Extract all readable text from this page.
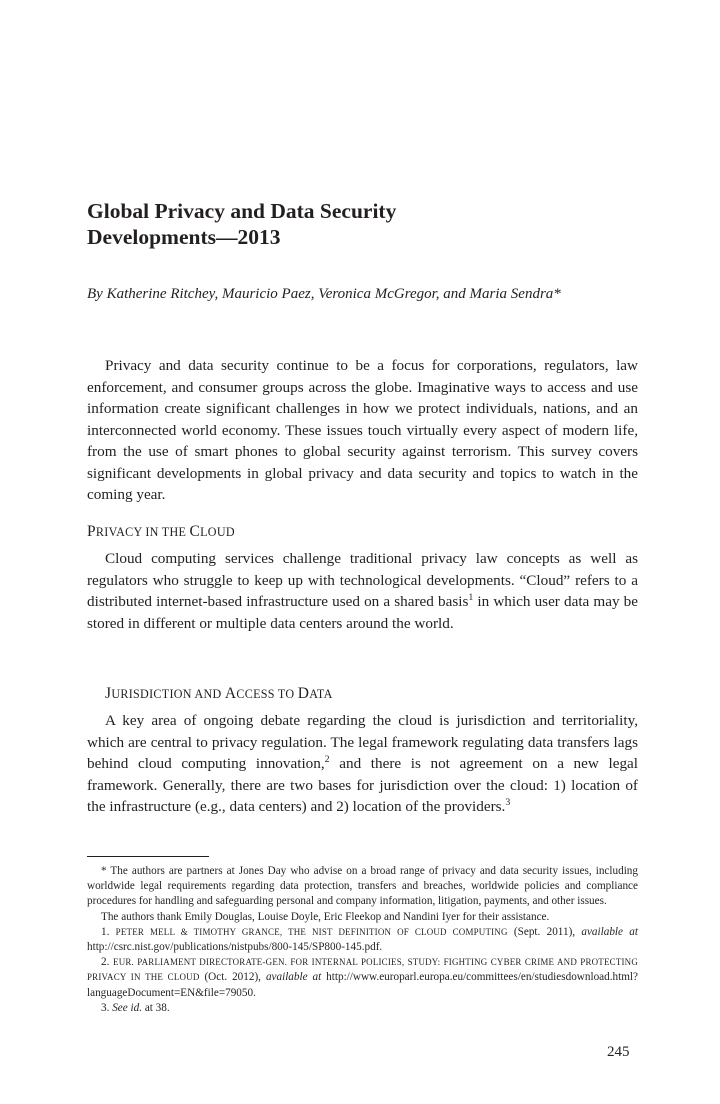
Global Privacy and Data Security
Developments—2013
By Katherine Ritchey, Mauricio Paez, Veronica McGregor, and Maria Sendra*

Privacy and data security continue to be a focus for corporations, regulators, law enforcement, and consumer groups across the globe. Imaginative ways to access and use information create significant challenges in how we protect individuals, nations, and an interconnected world economy. These issues touch virtually every aspect of modern life, from the use of smart phones to global security against terrorism. This survey covers significant developments in global privacy and data security and topics to watch in the coming year.

PRIVACY IN THE CLOUD

Cloud computing services challenge traditional privacy law concepts as well as regulators who struggle to keep up with technological developments. “Cloud” refers to a distributed internet-based infrastructure used on a shared basis$^1$ in which user data may be stored in different or multiple data centers around the world.

JURISDICTION AND ACCESS TO DATA

A key area of ongoing debate regarding the cloud is jurisdiction and territoriality, which are central to privacy regulation. The legal framework regulating data transfers lags behind cloud computing innovation,$^2$ and there is not agreement on a new legal framework. Generally, there are two bases for jurisdiction over the cloud: 1) location of the infrastructure (e.g., data centers) and 2) location of the providers.$^3$

* The authors are partners at Jones Day who advise on a broad range of privacy and data security issues, including worldwide legal requirements regarding data protection, transfers and breaches, worldwide policies and compliance procedures for handling and safeguarding personal and company information, litigation, payments, and other issues.

The authors thank Emily Douglas, Louise Doyle, Eric Fleekop and Nandini Iyer for their assistance.

1. PETER MELL & TIMOTHY GRANCE, THE NIST DEFINITION OF CLOUD COMPUTING (Sept. 2011), available at http://csrc.nist.gov/publications/nistpubs/800-145/SP800-145.pdf.

2. EUR. PARLIAMENT DIRECTORATE-GEN. FOR INTERNAL POLICIES, STUDY: FIGHTING CYBER CRIME AND PROTECTING PRIVACY IN THE CLOUD (Oct. 2012), available at http://www.europarl.europa.eu/committees/en/studiesdownload.html?languageDocument=EN&file=79050.

3. See id. at 38.

245
